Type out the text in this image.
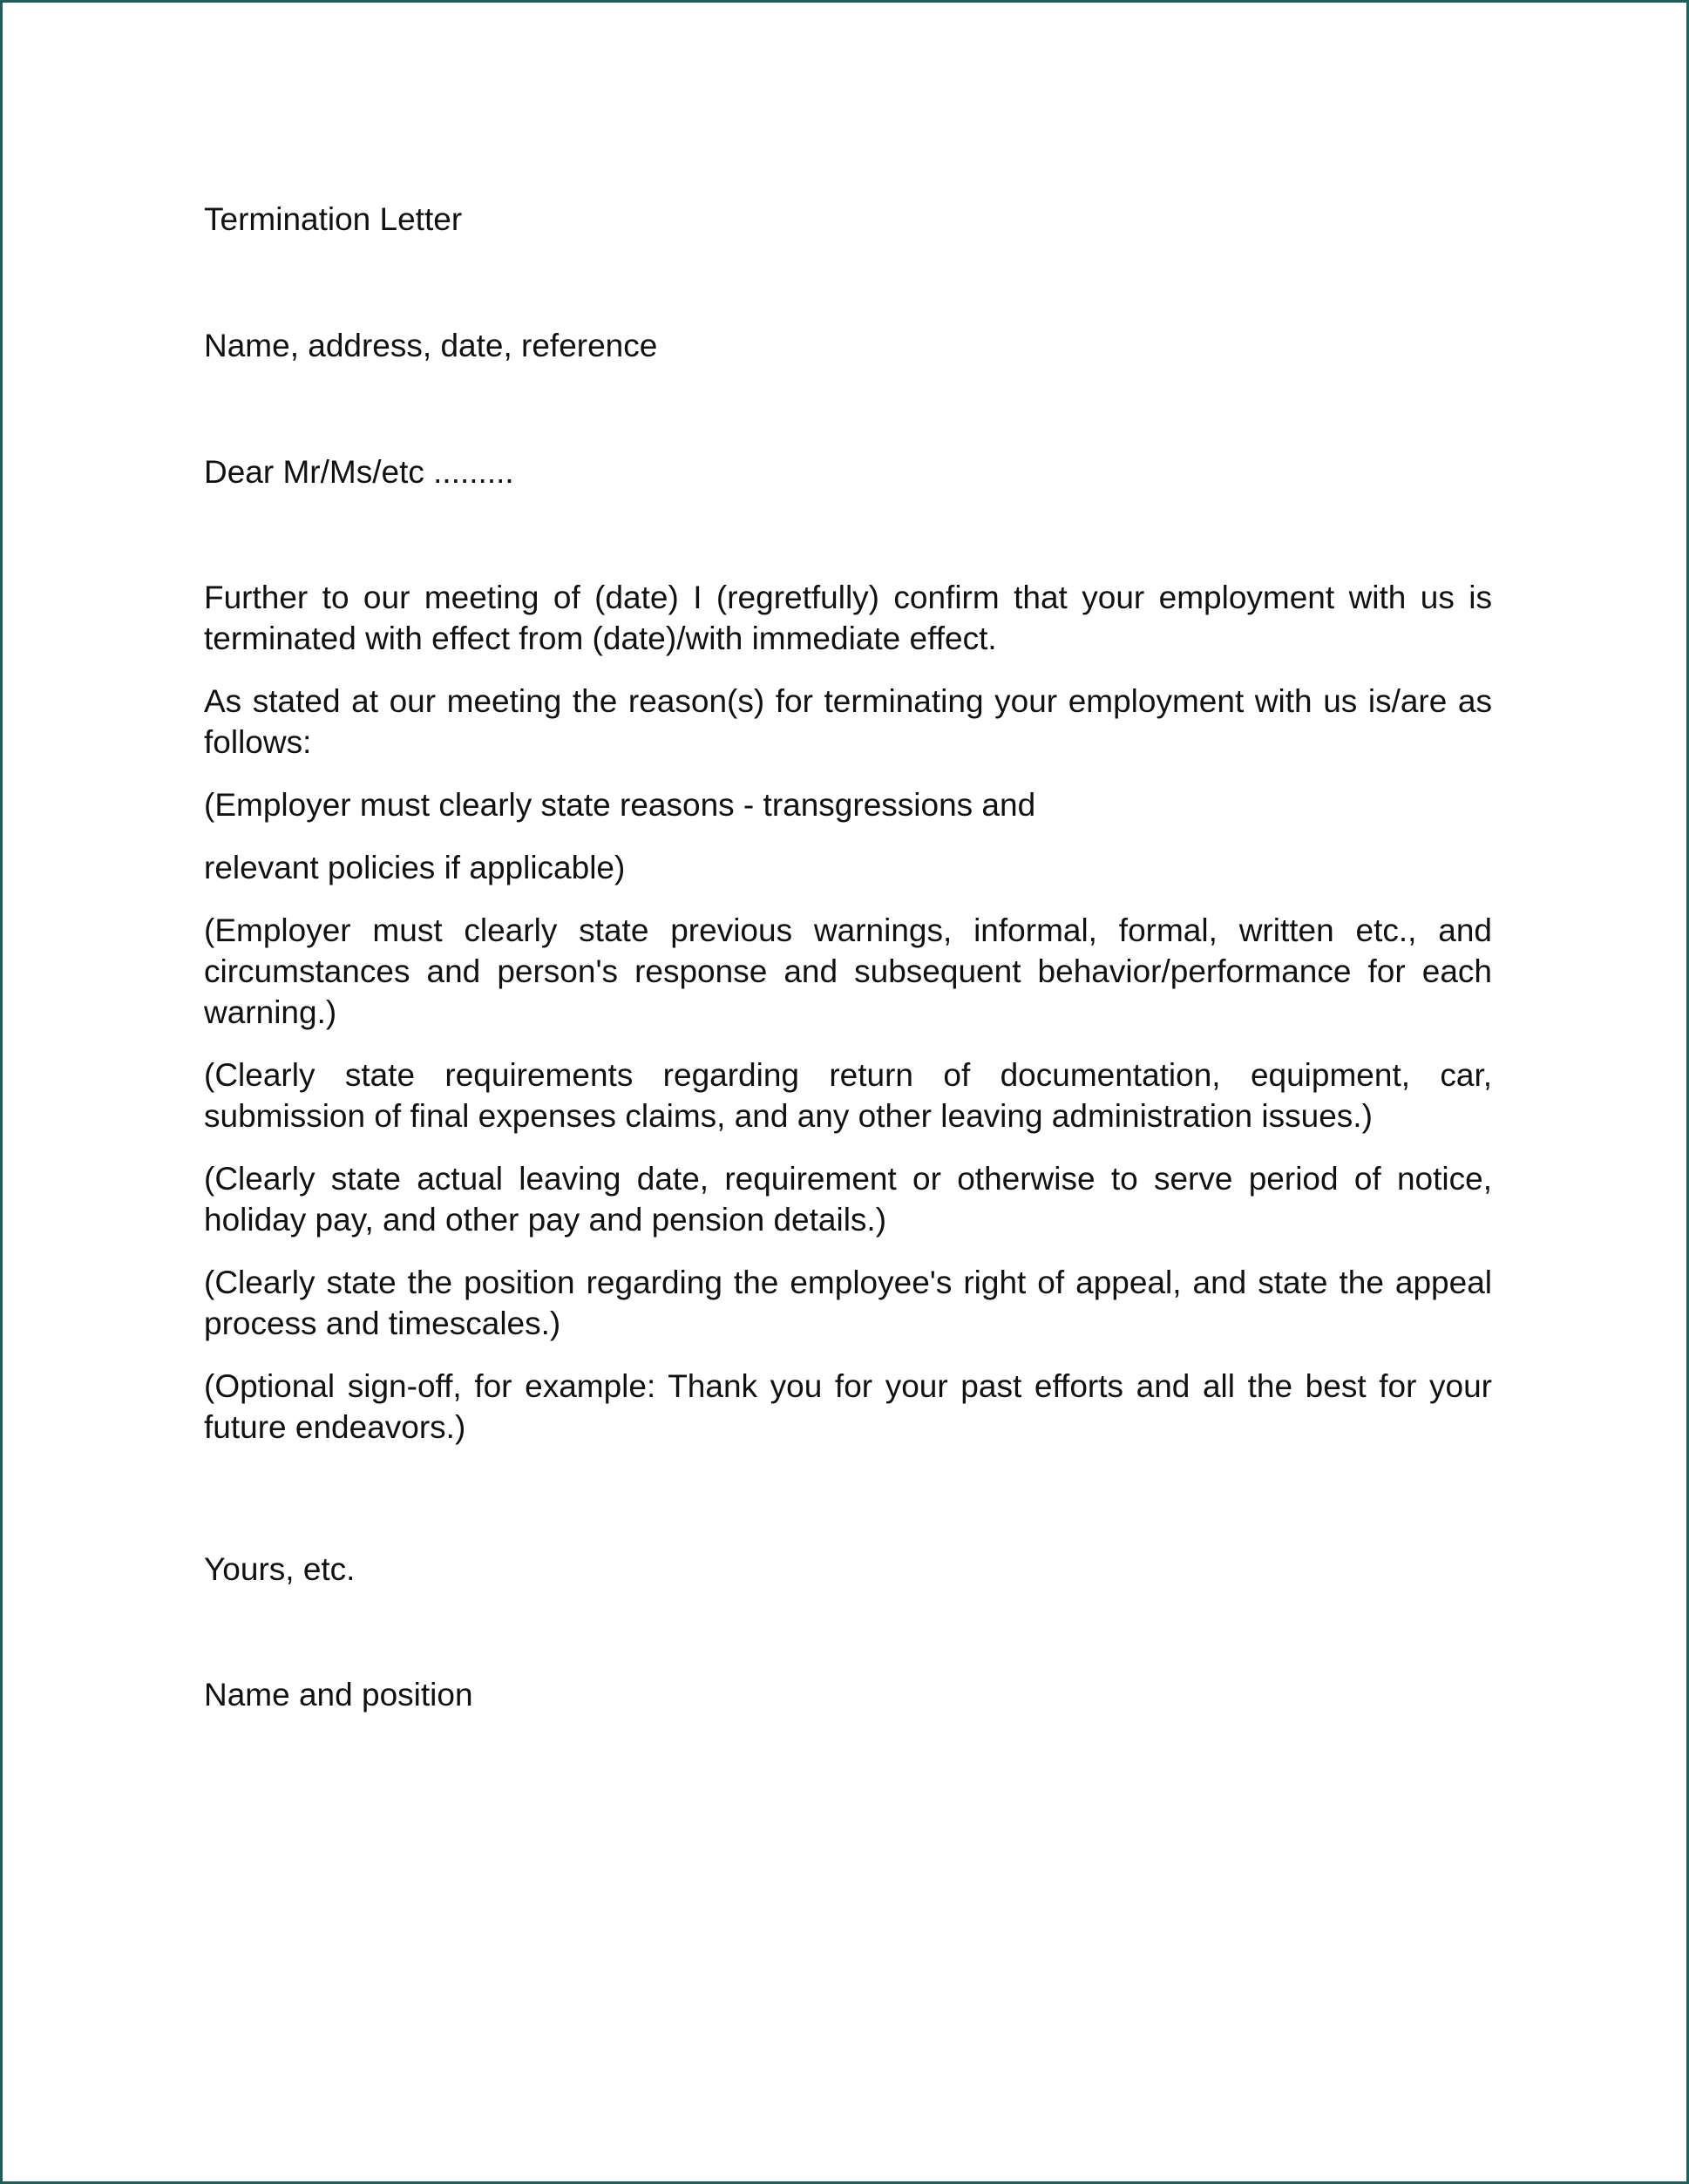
Termination Letter

Name, address, date, reference

Dear Mr/Ms/etc .........

Further to our meeting of (date) I (regretfully) confirm that your employment with us is terminated with effect from (date)/with immediate effect.

As stated at our meeting the reason(s) for terminating your employment with us is/are as follows:

(Employer must clearly state reasons - transgressions and

relevant policies if applicable)

(Employer must clearly state previous warnings, informal, formal, written etc., and circumstances and person's response and subsequent behavior/performance for each warning.)

(Clearly state requirements regarding return of documentation, equipment, car, submission of final expenses claims, and any other leaving administration issues.)

(Clearly state actual leaving date, requirement or otherwise to serve period of notice, holiday pay, and other pay and pension details.)

(Clearly state the position regarding the employee's right of appeal, and state the appeal process and timescales.)

(Optional sign-off, for example: Thank you for your past efforts and all the best for your future endeavors.)

Yours, etc.

Name and position
